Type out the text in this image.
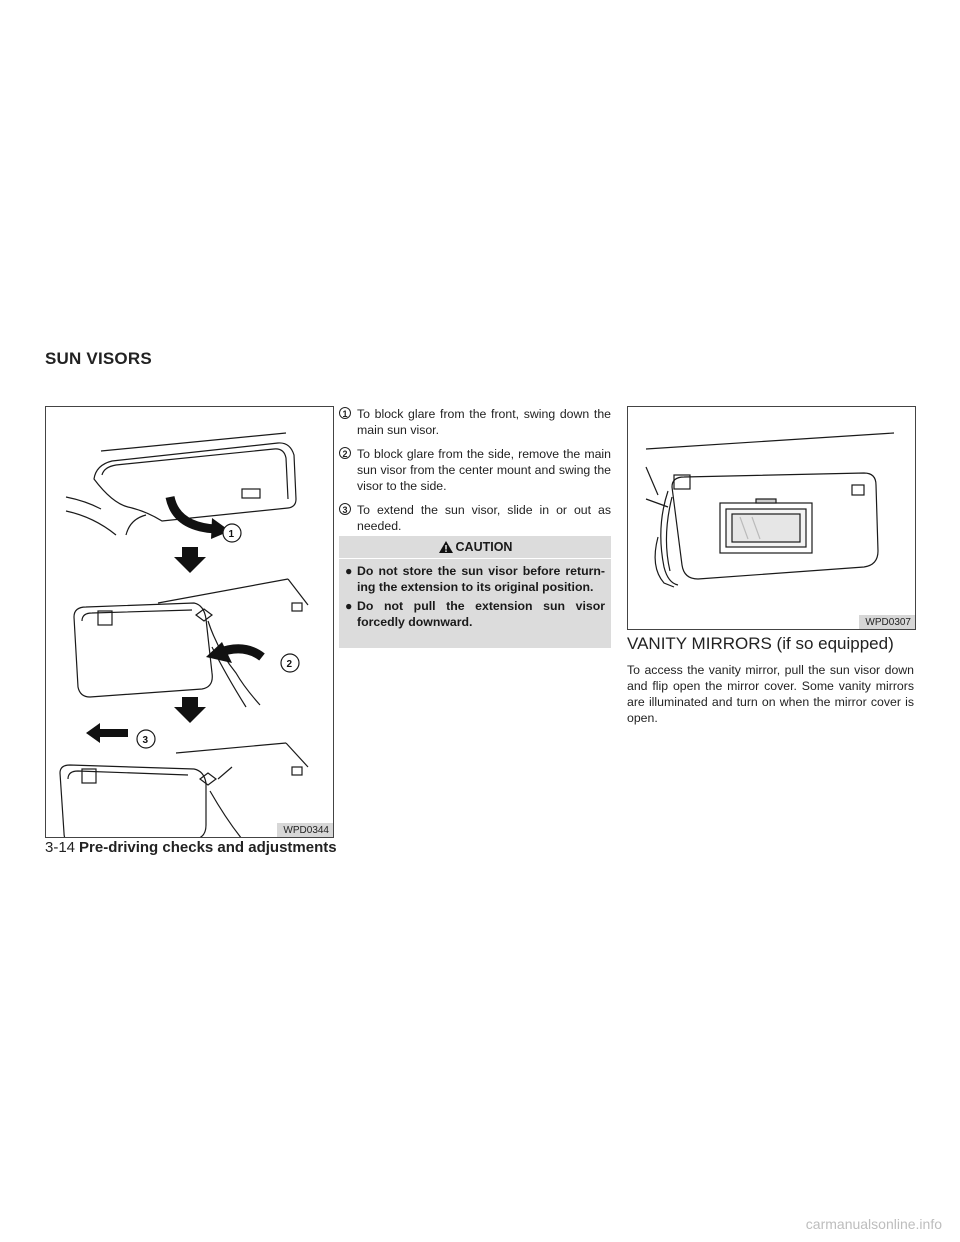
SUN VISORS
1
2
3
WPD0344
1 To block glare from the front, swing down the main sun visor.
2 To block glare from the side, remove the main sun visor from the center mount and swing the visor to the side.
3 To extend the sun visor, slide in or out as needed.
CAUTION
● Do not store the sun visor before return-ing the extension to its original position.
● Do not pull the extension sun visor forcedly downward.	WPD0307
VANITY MIRRORS (if so equipped)
To access the vanity mirror, pull the sun visor down and flip open the mirror cover. Some vanity mirrors are illuminated and turn on when the mirror cover is open.
3-14 Pre-driving checks and adjustments
carmanualsonline.info
